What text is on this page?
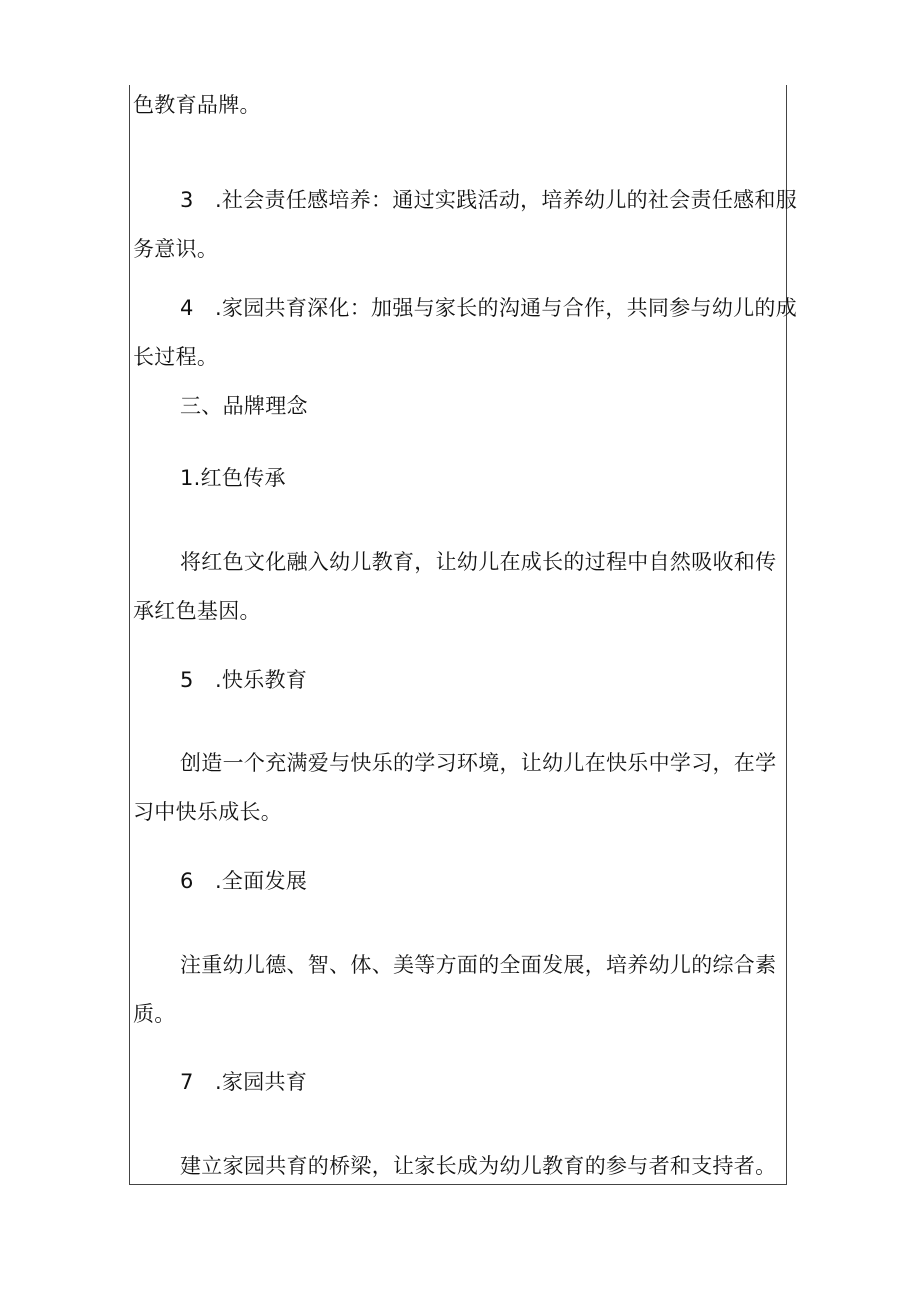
色教育品牌。
3 .社会责任感培养：通过实践活动，培养幼儿的社会责任感和服
务意识。
4 .家园共育深化：加强与家长的沟通与合作，共同参与幼儿的成
长过程。
三、品牌理念
1.红色传承
将红色文化融入幼儿教育，让幼儿在成长的过程中自然吸收和传
承红色基因。
5 .快乐教育
创造一个充满爱与快乐的学习环境，让幼儿在快乐中学习，在学
习中快乐成长。
6 .全面发展
注重幼儿德、智、体、美等方面的全面发展，培养幼儿的综合素
质。
7 .家园共育
建立家园共育的桥梁，让家长成为幼儿教育的参与者和支持者。
